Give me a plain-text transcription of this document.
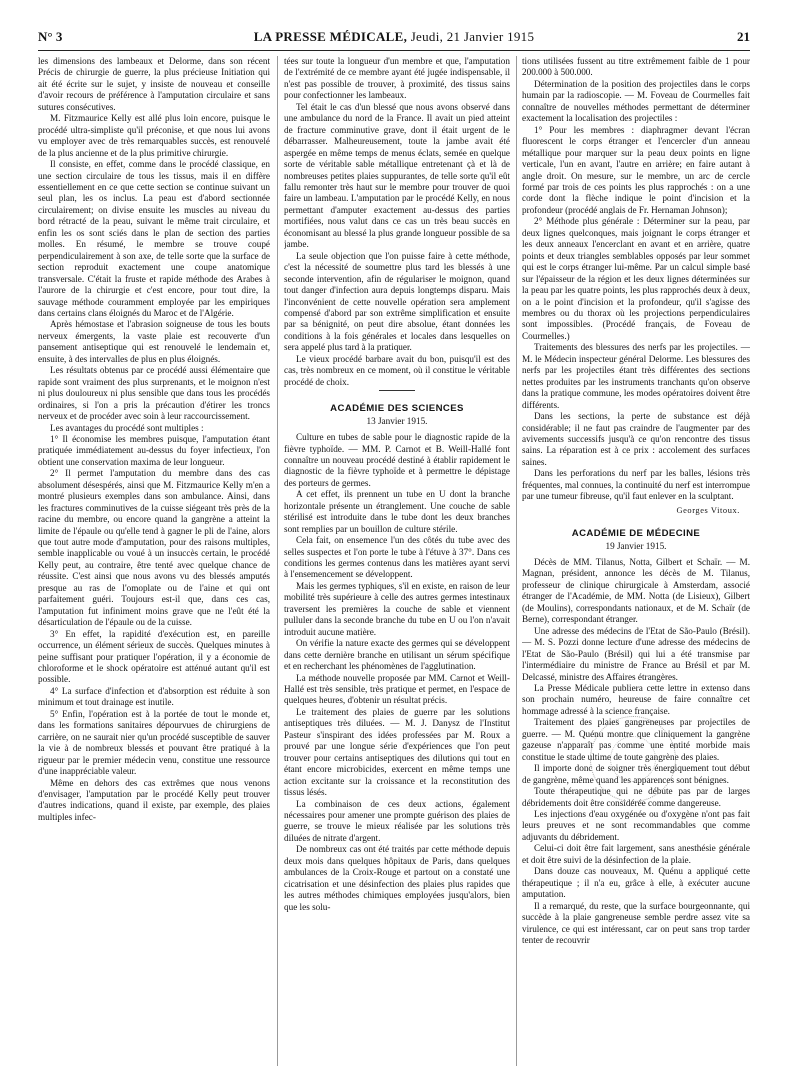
N° 3	LA PRESSE MÉDICALE, Jeudi, 21 Janvier 1915	21

les dimensions des lambeaux et Delorme, dans son récent Précis de chirurgie de guerre, la plus précieuse Initiation qui ait été écrite sur le sujet, y insiste de nouveau et conseille d'avoir recours de préférence à l'amputation circulaire et sans sutures consécutives.

M. Fitzmaurice Kelly est allé plus loin encore, puisque le procédé ultra-simpliste qu'il préconise, et que nous lui avons vu employer avec de très remarquables succès, est renouvelé de la plus ancienne et de la plus primitive chirurgie.

Il consiste, en effet, comme dans le procédé classique, en une section circulaire de tous les tissus, mais il en diffère essentiellement en ce que cette section se continue suivant un seul plan, les os inclus. La peau est d'abord sectionnée circulairement; on divise ensuite les muscles au niveau du bord rétracté de la peau, suivant le même trait circulaire, et enfin les os sont sciés dans le plan de section des parties molles. En résumé, le membre se trouve coupé perpendiculairement à son axe, de telle sorte que la surface de section reproduit exactement une coupe anatomique transversale. C'était la fruste et rapide méthode des Arabes à l'aurore de la chirurgie et c'est encore, pour tout dire, la sauvage méthode couramment employée par les empiriques dans certains clans éloignés du Maroc et de l'Algérie.

Après hémostase et l'abrasion soigneuse de tous les bouts nerveux émergents, la vaste plaie est recouverte d'un pansement antiseptique qui est renouvelé le lendemain et, ensuite, à des intervalles de plus en plus éloignés.

Les résultats obtenus par ce procédé aussi élémentaire que rapide sont vraiment des plus surprenants, et le moignon n'est ni plus douloureux ni plus sensible que dans tous les procédés ordinaires, si l'on a pris la précaution d'étirer les troncs nerveux et de procéder avec soin à leur raccourcissement.

Les avantages du procédé sont multiples :

1° Il économise les membres puisque, l'amputation étant pratiquée immédiatement au-dessus du foyer infectieux, l'on obtient une conservation maxima de leur longueur.

2° Il permet l'amputation du membre dans des cas absolument désespérés, ainsi que M. Fitzmaurice Kelly m'en a montré plusieurs exemples dans son ambulance. Ainsi, dans les fractures comminutives de la cuisse siégeant très près de la racine du membre, ou encore quand la gangrène a atteint la limite de l'épaule ou qu'elle tend à gagner le pli de l'aine, alors que tout autre mode d'amputation, pour des raisons multiples, semble inapplicable ou voué à un insuccès certain, le procédé Kelly peut, au contraire, être tenté avec quelque chance de réussite. C'est ainsi que nous avons vu des blessés amputés presque au ras de l'omoplate ou de l'aine et qui ont parfaitement guéri. Toujours est-il que, dans ces cas, l'amputation fut infiniment moins grave que ne l'eût été la désarticulation de l'épaule ou de la cuisse.

3° En effet, la rapidité d'exécution est, en pareille occurrence, un élément sérieux de succès. Quelques minutes à peine suffisant pour pratiquer l'opération, il y a économie de chloroforme et le shock opératoire est atténué autant qu'il est possible.

4° La surface d'infection et d'absorption est réduite à son minimum et tout drainage est inutile.

5° Enfin, l'opération est à la portée de tout le monde et, dans les formations sanitaires dépourvues de chirurgiens de carrière, on ne saurait nier qu'un procédé susceptible de sauver la vie à de nombreux blessés et pouvant être pratiqué à la rigueur par le premier médecin venu, constitue une ressource d'une inappréciable valeur.

Même en dehors des cas extrêmes que nous venons d'envisager, l'amputation par le procédé Kelly peut trouver d'autres indications, quand il existe, par exemple, des plaies multiples infec-

tées sur toute la longueur d'un membre et que, l'amputation de l'extrémité de ce membre ayant été jugée indispensable, il n'est pas possible de trouver, à proximité, des tissus sains pour confectionner les lambeaux.

Tel était le cas d'un blessé que nous avons observé dans une ambulance du nord de la France. Il avait un pied atteint de fracture comminutive grave, dont il était urgent de le débarrasser. Malheureusement, toute la jambe avait été aspergée en même temps de menus éclats, semée en quelque sorte de véritable sable métallique entretenant çà et là de nombreuses petites plaies suppurantes, de telle sorte qu'il eût fallu remonter très haut sur le membre pour trouver de quoi faire un lambeau. L'amputation par le procédé Kelly, en nous permettant d'amputer exactement au-dessus des parties mortifiées, nous valut dans ce cas un très beau succès en économisant au blessé la plus grande longueur possible de sa jambe.

La seule objection que l'on puisse faire à cette méthode, c'est la nécessité de soumettre plus tard les blessés à une seconde intervention, afin de régulariser le moignon, quand tout danger d'infection aura depuis longtemps disparu. Mais l'inconvénient de cette nouvelle opération sera amplement compensé d'abord par son extrême simplification et ensuite par sa bénignité, on peut dire absolue, étant données les conditions à la fois générales et locales dans lesquelles on sera appelé plus tard à la pratiquer.

Le vieux procédé barbare avait du bon, puisqu'il est des cas, très nombreux en ce moment, où il constitue le véritable procédé de choix.

ACADÉMIE DES SCIENCES
13 Janvier 1915.

Culture en tubes de sable pour le diagnostic rapide de la fièvre typhoïde. — MM. P. Carnot et B. Weill-Hallé font connaître un nouveau procédé destiné à établir rapidement le diagnostic de la fièvre typhoïde et à permettre le dépistage des porteurs de germes.

A cet effet, ils prennent un tube en U dont la branche horizontale présente un étranglement. Une couche de sable stérilisé est introduite dans le tube dont les deux branches sont remplies par un bouillon de culture stérile.

Cela fait, on ensemence l'un des côtés du tube avec des selles suspectes et l'on porte le tube à l'étuve à 37°. Dans ces conditions les germes contenus dans les matières ayant servi à l'ensemencement se développent.

Mais les germes typhiques, s'il en existe, en raison de leur mobilité très supérieure à celle des autres germes intestinaux traversent les premières la couche de sable et viennent pulluler dans la seconde branche du tube en U ou l'on n'avait introduit aucune matière.

On vérifie la nature exacte des germes qui se développent dans cette dernière branche en utilisant un sérum spécifique et en recherchant les phénomènes de l'agglutination.

La méthode nouvelle proposée par MM. Carnot et Weill-Hallé est très sensible, très pratique et permet, en l'espace de quelques heures, d'obtenir un résultat précis.

Le traitement des plaies de guerre par les solutions antiseptiques très diluées. — M. J. Danysz de l'Institut Pasteur s'inspirant des idées professées par M. Roux a prouvé par une longue série d'expériences que l'on peut trouver pour certains antiseptiques des dilutions qui tout en étant encore microbicides, exercent en même temps une action excitante sur la croissance et la reconstitution des tissus lésés.

La combinaison de ces deux actions, également nécessaires pour amener une prompte guérison des plaies de guerre, se trouve le mieux réalisée par les solutions très diluées de nitrate d'argent.

De nombreux cas ont été traités par cette méthode depuis deux mois dans quelques hôpitaux de Paris, dans quelques ambulances de la Croix-Rouge et partout on a constaté une cicatrisation et une désinfection des plaies plus rapides que les autres méthodes chimiques employées jusqu'alors, bien que les solu-

tions utilisées fussent au titre extrêmement faible de 1 pour 200.000 à 500.000.

Détermination de la position des projectiles dans le corps humain par la radioscopie. — M. Foveau de Courmelles fait connaître de nouvelles méthodes permettant de déterminer exactement la localisation des projectiles :

1° Pour les membres : diaphragmer devant l'écran fluorescent le corps étranger et l'encercler d'un anneau métallique pour marquer sur la peau deux points en ligne verticale, l'un en avant, l'autre en arrière; en faire autant à angle droit. On mesure, sur le membre, un arc de cercle formé par trois de ces points les plus rapprochés : on a une corde dont la flèche indique le point d'incision et la profondeur (procédé anglais de Fr. Hernaman Johnson);

2° Méthode plus générale : Déterminer sur la peau, par deux lignes quelconques, mais joignant le corps étranger et les deux anneaux l'encerclant en avant et en arrière, quatre points et deux triangles semblables opposés par leur sommet qui est le corps étranger lui-même. Par un calcul simple basé sur l'épaisseur de la région et les deux lignes déterminées sur la peau par les quatre points, les plus rapprochés deux à deux, on a le point d'incision et la profondeur, qu'il s'agisse des membres ou du thorax où les projections perpendiculaires sont impossibles. (Procédé français, de Foveau de Courmelles.)

Traitements des blessures des nerfs par les projectiles. — M. le Médecin inspecteur général Delorme. Les blessures des nerfs par les projectiles étant très différentes des sections nettes produites par les instruments tranchants qu'on observe dans la pratique commune, les modes opératoires doivent être différents.

Dans les sections, la perte de substance est déjà considérable; il ne faut pas craindre de l'augmenter par des avivements successifs jusqu'à ce qu'on rencontre des tissus sains. La réparation est à ce prix : accolement des surfaces saines.

Dans les perforations du nerf par les balles, lésions très fréquentes, mal connues, la continuité du nerf est interrompue par une tumeur fibreuse, qu'il faut enlever en la sculptant.

Georges Vitoux.
ACADÉMIE DE MÉDECINE
19 Janvier 1915.

Décès de MM. Tilanus, Notta, Gilbert et Schaïr. — M. Magnan, président, annonce les décès de M. Tilanus, professeur de clinique chirurgicale à Amsterdam, associé étranger de l'Académie, de MM. Notta (de Lisieux), Gilbert (de Moulins), correspondants nationaux, et de M. Schaïr (de Berne), correspondant étranger.

Une adresse des médecins de l'Etat de São-Paulo (Brésil). — M. S. Pozzi donne lecture d'une adresse des médecins de l'Etat de São-Paulo (Brésil) qui lui a été transmise par l'intermédiaire du ministre de France au Brésil et par M. Delcassé, ministre des Affaires étrangères.

La Presse Médicale publiera cette lettre in extenso dans son prochain numéro, heureuse de faire connaître cet hommage adressé à la science française.

Traitement des plaies gangreneuses par projectiles de guerre. — M. Quénu montre que cliniquement la gangrène gazeuse n'apparaît pas comme une entité morbide mais constitue le stade ultime de toute gangrène des plaies.

Il importe donc de soigner très énergiquement tout début de gangrène, même quand les apparences sont bénignes.

Toute thérapeutique qui ne débute pas par de larges débridements doit être considérée comme dangereuse.

Les injections d'eau oxygénée ou d'oxygène n'ont pas fait leurs preuves et ne sont recommandables que comme adjuvants du débridement.

Celui-ci doit être fait largement, sans anesthésie générale et doit être suivi de la désinfection de la plaie.

Dans douze cas nouveaux, M. Quénu a appliqué cette thérapeutique ; il n'a eu, grâce à elle, à exécuter aucune amputation.

Il a remarqué, du reste, que la surface bourgeonnante, qui succède à la plaie gangreneuse semble perdre assez vite sa virulence, ce qui est intéressant, car on peut sans trop tarder tenter de recouvrir
